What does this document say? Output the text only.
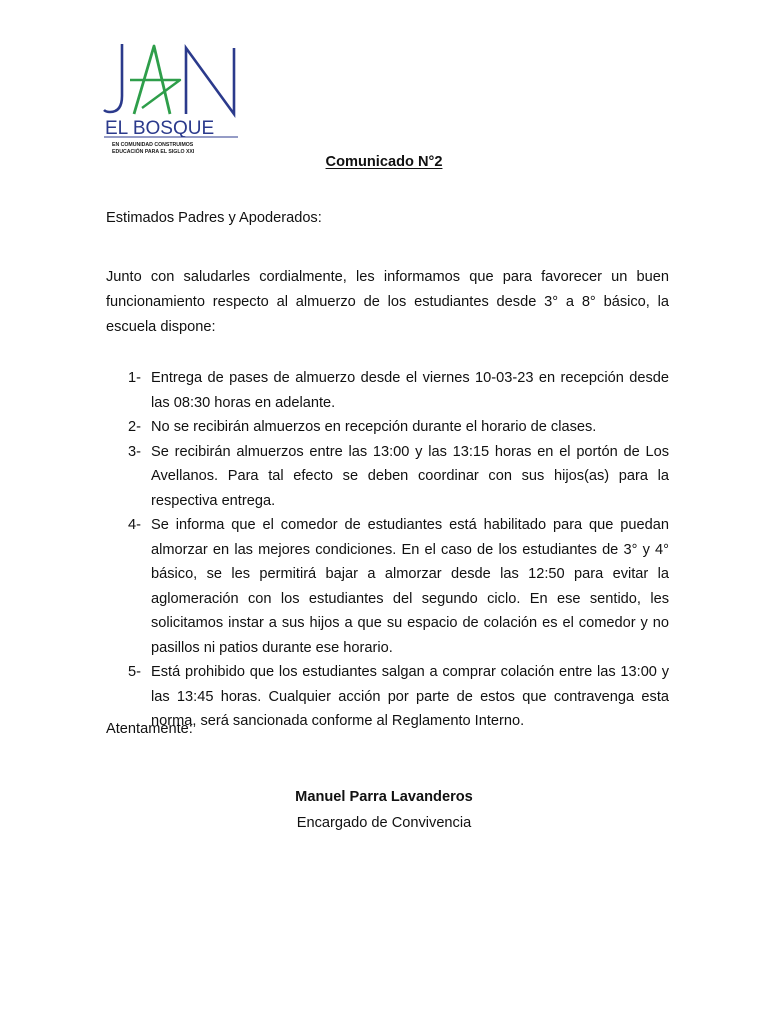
EL BOSQUE
EN COMUNIDAD CONSTRUIMOS
EDUCACIÓN PARA EL SIGLO XXI
Comunicado N°2
Estimados Padres y Apoderados:

Junto con saludarles cordialmente, les informamos que para favorecer un buen funcionamiento respecto al almuerzo de los estudiantes desde 3° a 8° básico, la escuela dispone:

1- Entrega de pases de almuerzo desde el viernes 10-03-23 en recepción desde las 08:30 horas en adelante.
2- No se recibirán almuerzos en recepción durante el horario de clases.
3- Se recibirán almuerzos entre las 13:00 y las 13:15 horas en el portón de Los Avellanos. Para tal efecto se deben coordinar con sus hijos(as) para la respectiva entrega.
4- Se informa que el comedor de estudiantes está habilitado para que puedan almorzar en las mejores condiciones. En el caso de los estudiantes de 3° y 4° básico, se les permitirá bajar a almorzar desde las 12:50 para evitar la aglomeración con los estudiantes del segundo ciclo. En ese sentido, les solicitamos instar a sus hijos a que su espacio de colación es el comedor y no pasillos ni patios durante ese horario.
5- Está prohibido que los estudiantes salgan a comprar colación entre las 13:00 y las 13:45 horas. Cualquier acción por parte de estos que contravenga esta norma, será sancionada conforme al Reglamento Interno.
Atentamente:
Manuel Parra Lavanderos
Encargado de Convivencia
